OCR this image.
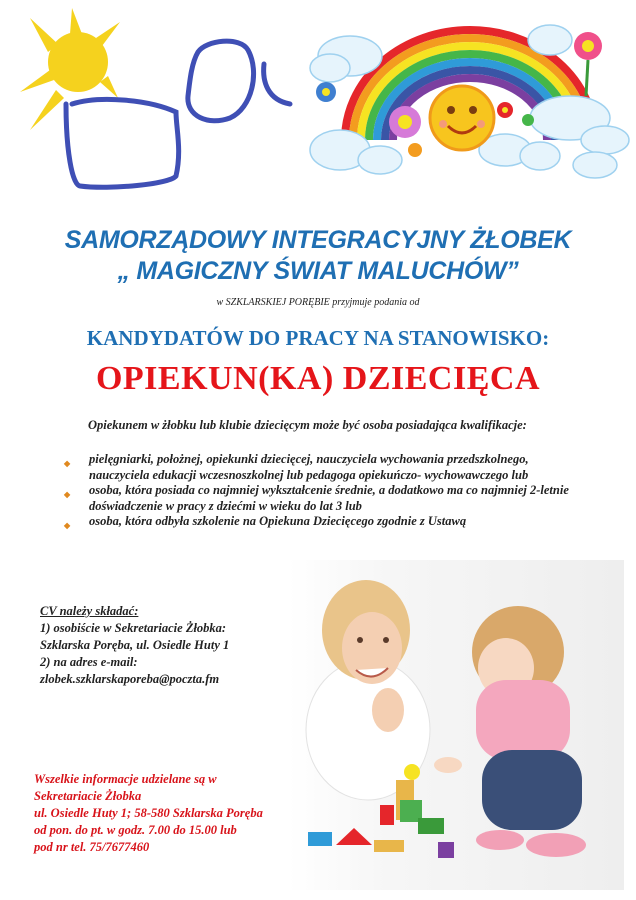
SAMORZĄDOWY INTEGRACYJNY ŻŁOBEK
„ MAGICZNY ŚWIAT MALUCHÓW”
w SZKLARSKIEJ PORĘBIE przyjmuje podania od
KANDYDATÓW DO PRACY NA STANOWISKO:
OPIEKUN(KA) DZIECIĘCA
Opiekunem w żłobku lub klubie dziecięcym może być osoba posiadająca kwalifikacje:
◆ pielęgniarki, położnej, opiekunki dziecięcej, nauczyciela wychowania przedszkolnego, nauczyciela edukacji wczesnoszkolnej lub pedagoga opiekuńczo- wychowawczego lub
◆ osoba, która posiada co najmniej wykształcenie średnie, a dodatkowo ma co najmniej 2-letnie doświadczenie w pracy z dziećmi w wieku do lat 3 lub
◆ osoba, która odbyła szkolenie na Opiekuna Dziecięcego zgodnie z Ustawą
CV należy składać:
1) osobiście w Sekretariacie Żłobka:
Szklarska Poręba, ul. Osiedle Huty 1
2) na adres e-mail:
zlobek.szklarskaporeba@poczta.fm
Wszelkie informacje udzielane są w
Sekretariacie Żłobka
ul. Osiedle Huty 1; 58-580 Szklarska Poręba
od pon. do pt. w godz. 7.00 do 15.00 lub
pod nr tel. 75/7677460
